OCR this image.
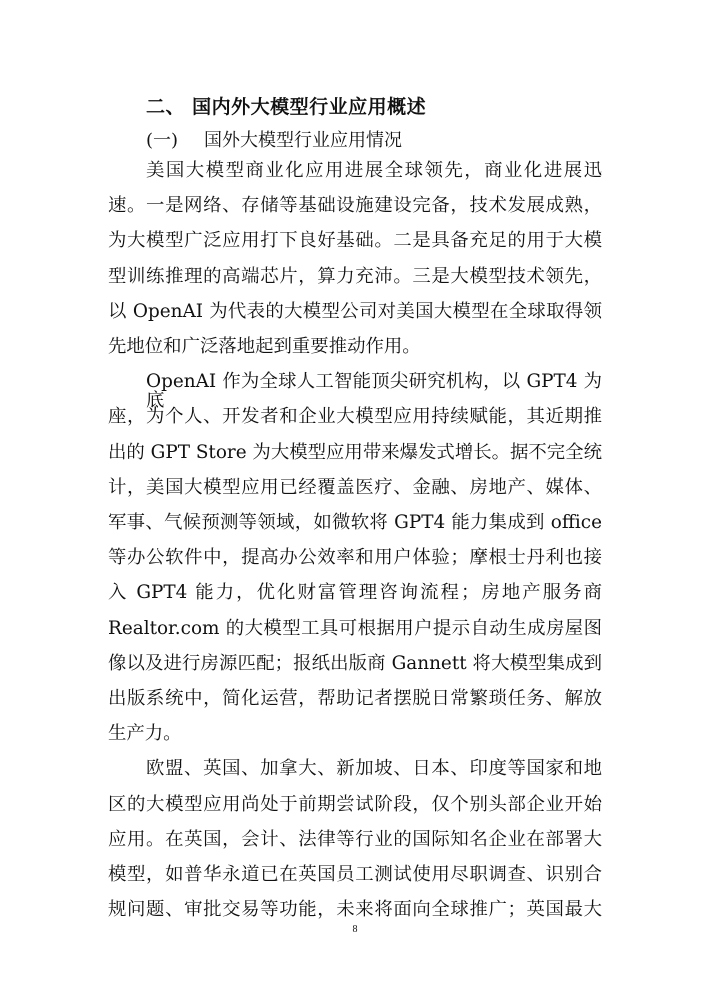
二、 国内外大模型行业应用概述
(一) 国外大模型行业应用情况
美国大模型商业化应用进展全球领先，商业化进展迅
速。一是网络、存储等基础设施建设完备，技术发展成熟，
为大模型广泛应用打下良好基础。二是具备充足的用于大模
型训练推理的高端芯片，算力充沛。三是大模型技术领先，
以 OpenAI 为代表的大模型公司对美国大模型在全球取得领
先地位和广泛落地起到重要推动作用。
OpenAI 作为全球人工智能顶尖研究机构，以 GPT4 为底
座，为个人、开发者和企业大模型应用持续赋能，其近期推
出的 GPT Store 为大模型应用带来爆发式增长。据不完全统
计，美国大模型应用已经覆盖医疗、金融、房地产、媒体、
军事、气候预测等领域，如微软将 GPT4 能力集成到 office
等办公软件中，提高办公效率和用户体验；摩根士丹利也接
入 GPT4 能力，优化财富管理咨询流程；房地产服务商
Realtor.com 的大模型工具可根据用户提示自动生成房屋图
像以及进行房源匹配；报纸出版商 Gannett 将大模型集成到
出版系统中，简化运营，帮助记者摆脱日常繁琐任务、解放
生产力。
欧盟、英国、加拿大、新加坡、日本、印度等国家和地
区的大模型应用尚处于前期尝试阶段，仅个别头部企业开始
应用。在英国，会计、法律等行业的国际知名企业在部署大
模型，如普华永道已在英国员工测试使用尽职调查、识别合
规问题、审批交易等功能，未来将面向全球推广；英国最大
8
